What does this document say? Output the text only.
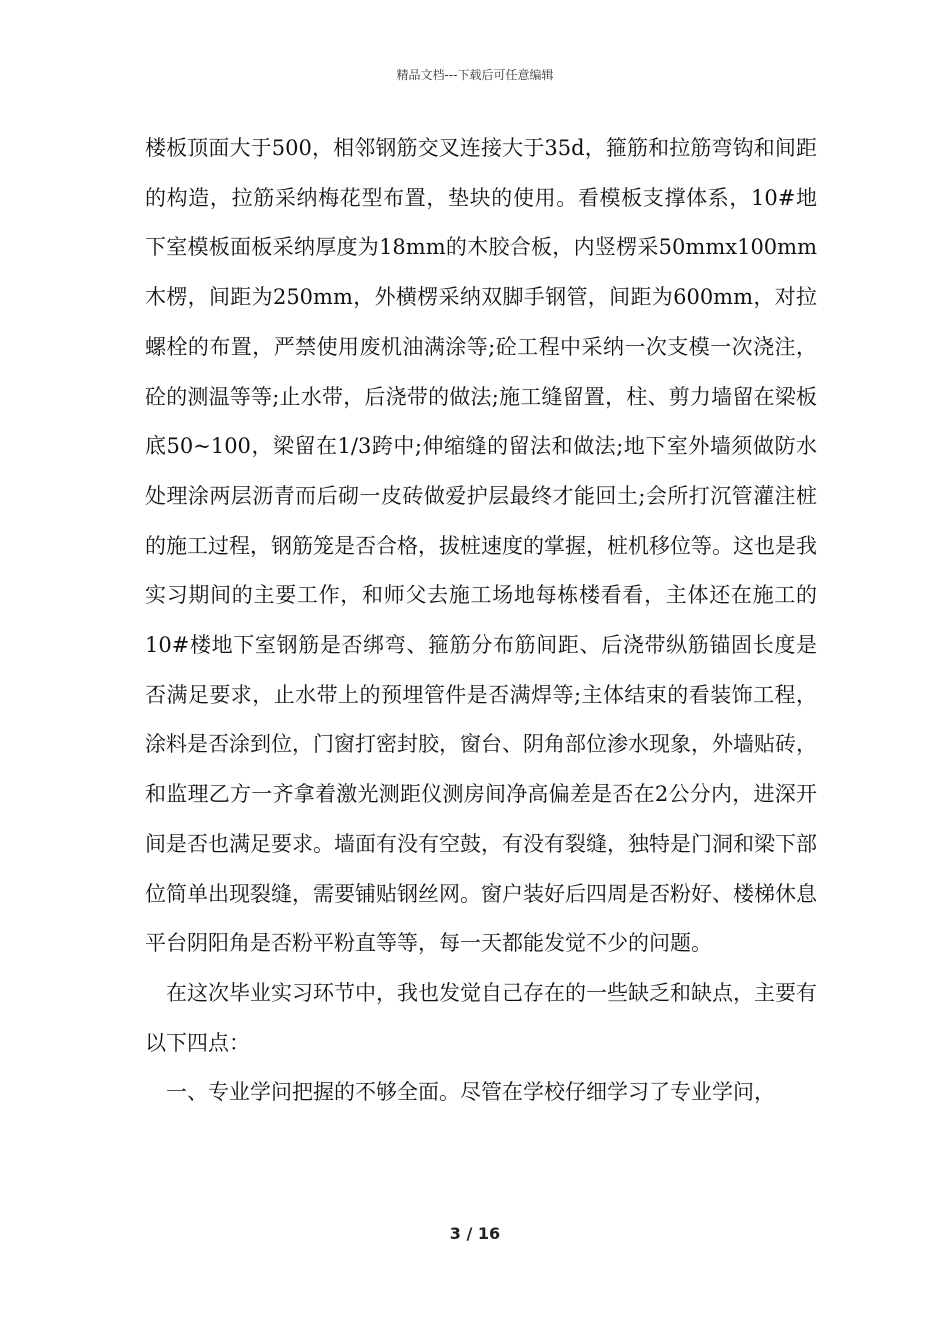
精品文档---下载后可任意编辑

楼板顶面大于500，相邻钢筋交叉连接大于35d，箍筋和拉筋弯钩和间距的构造，拉筋采纳梅花型布置，垫块的使用。看模板支撑体系，10#地下室模板面板采纳厚度为18mm的木胶合板，内竖楞采50mmx100mm木楞，间距为250mm，外横楞采纳双脚手钢管，间距为600mm，对拉螺栓的布置，严禁使用废机油满涂等;砼工程中采纳一次支模一次浇注，砼的测温等等;止水带，后浇带的做法;施工缝留置，柱、剪力墙留在梁板底50~100，梁留在1/3跨中;伸缩缝的留法和做法;地下室外墙须做防水处理涂两层沥青而后砌一皮砖做爱护层最终才能回土;会所打沉管灌注桩的施工过程，钢筋笼是否合格，拔桩速度的掌握，桩机移位等。这也是我实习期间的主要工作，和师父去施工场地每栋楼看看，主体还在施工的10#楼地下室钢筋是否绑弯、箍筋分布筋间距、后浇带纵筋锚固长度是否满足要求，止水带上的预埋管件是否满焊等;主体结束的看装饰工程，涂料是否涂到位，门窗打密封胶，窗台、阴角部位渗水现象，外墙贴砖，和监理乙方一齐拿着激光测距仪测房间净高偏差是否在2公分内，进深开间是否也满足要求。墙面有没有空鼓，有没有裂缝，独特是门洞和梁下部位简单出现裂缝，需要铺贴钢丝网。窗户装好后四周是否粉好、楼梯休息平台阴阳角是否粉平粉直等等，每一天都能发觉不少的问题。

在这次毕业实习环节中，我也发觉自己存在的一些缺乏和缺点，主要有以下四点：

一、专业学问把握的不够全面。尽管在学校仔细学习了专业学问，

3 / 16
